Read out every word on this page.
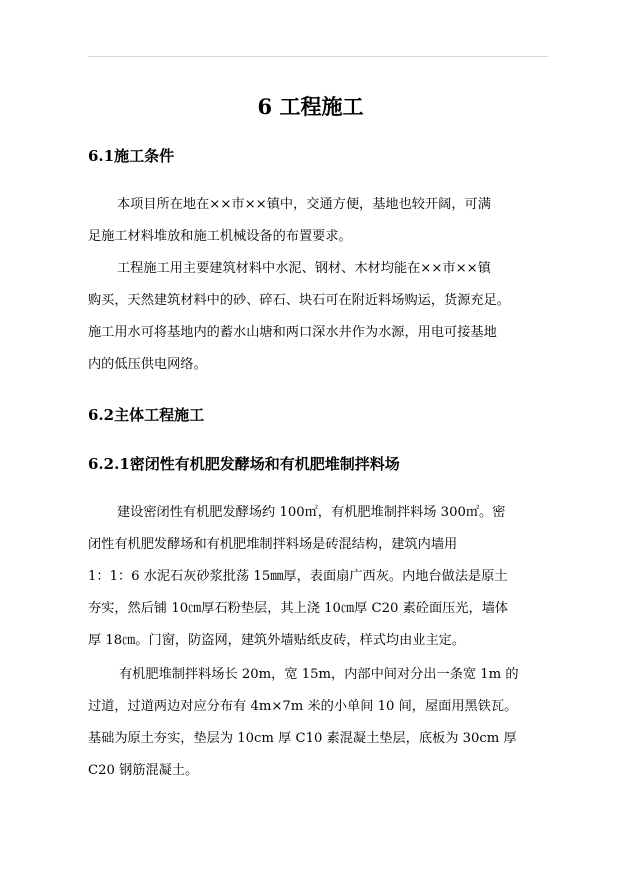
6 工程施工
6.1施工条件
本项目所在地在××市××镇中，交通方便，基地也较开阔，可满
足施工材料堆放和施工机械设备的布置要求。
工程施工用主要建筑材料中水泥、钢材、木材均能在××市××镇
购买，天然建筑材料中的砂、碎石、块石可在附近料场购运，货源充足。
施工用水可将基地内的蓄水山塘和两口深水井作为水源，用电可接基地
内的低压供电网络。
6.2主体工程施工
6.2.1密闭性有机肥发酵场和有机肥堆制拌料场
建设密闭性有机肥发酵场约 100㎡，有机肥堆制拌料场 300㎡。密
闭性有机肥发酵场和有机肥堆制拌料场是砖混结构，建筑内墙用
1：1：6 水泥石灰砂浆批荡 15㎜厚，表面扇广西灰。内地台做法是原土
夯实，然后铺 10㎝厚石粉垫层，其上浇 10㎝厚 C20 素砼面压光，墙体
厚 18㎝。门窗，防盗网，建筑外墙贴纸皮砖，样式均由业主定。
有机肥堆制拌料场长 20m，宽 15m，内部中间对分出一条宽 1m 的
过道，过道两边对应分布有 4m×7m 米的小单间 10 间，屋面用黑铁瓦。
基础为原土夯实，垫层为 10cm 厚 C10 素混凝土垫层，底板为 30cm 厚
C20 钢筋混凝土。
